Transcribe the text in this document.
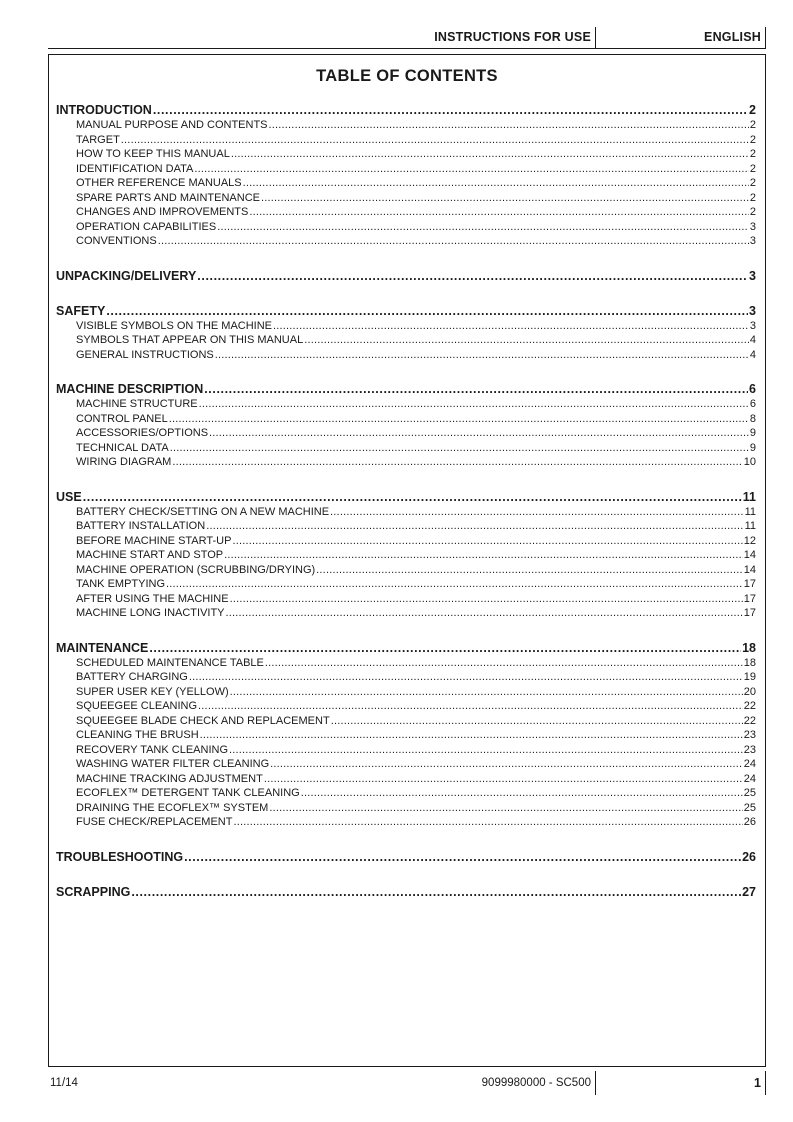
INSTRUCTIONS FOR USE	ENGLISH
TABLE OF CONTENTS
INTRODUCTION .....	2
MANUAL PURPOSE AND CONTENTS .....	2
TARGET .....	2
HOW TO KEEP THIS MANUAL .....	2
IDENTIFICATION DATA .....	2
OTHER REFERENCE MANUALS .....	2
SPARE PARTS AND MAINTENANCE .....	2
CHANGES AND IMPROVEMENTS .....	2
OPERATION CAPABILITIES .....	3
CONVENTIONS .....	3
UNPACKING/DELIVERY .....	3
SAFETY .....	3
VISIBLE SYMBOLS ON THE MACHINE .....	3
SYMBOLS THAT APPEAR ON THIS MANUAL .....	4
GENERAL INSTRUCTIONS .....	4
MACHINE DESCRIPTION .....	6
MACHINE STRUCTURE .....	6
CONTROL PANEL .....	8
ACCESSORIES/OPTIONS .....	9
TECHNICAL DATA .....	9
WIRING DIAGRAM .....	10
USE .....	11
BATTERY CHECK/SETTING ON A NEW MACHINE .....	11
BATTERY INSTALLATION .....	11
BEFORE MACHINE START-UP .....	12
MACHINE START AND STOP .....	14
MACHINE OPERATION (SCRUBBING/DRYING) .....	14
TANK EMPTYING .....	17
AFTER USING THE MACHINE .....	17
MACHINE LONG INACTIVITY .....	17
MAINTENANCE .....	18
SCHEDULED MAINTENANCE TABLE .....	18
BATTERY CHARGING .....	19
SUPER USER KEY (YELLOW) .....	20
SQUEEGEE CLEANING .....	22
SQUEEGEE BLADE CHECK AND REPLACEMENT .....	22
CLEANING THE BRUSH .....	23
RECOVERY TANK CLEANING .....	23
WASHING WATER FILTER CLEANING .....	24
MACHINE TRACKING ADJUSTMENT .....	24
ECOFLEX™ DETERGENT TANK CLEANING .....	25
DRAINING THE ECOFLEX™ SYSTEM .....	25
FUSE CHECK/REPLACEMENT .....	26
TROUBLESHOOTING .....	26
SCRAPPING .....	27
11/14	9099980000 - SC500	1
